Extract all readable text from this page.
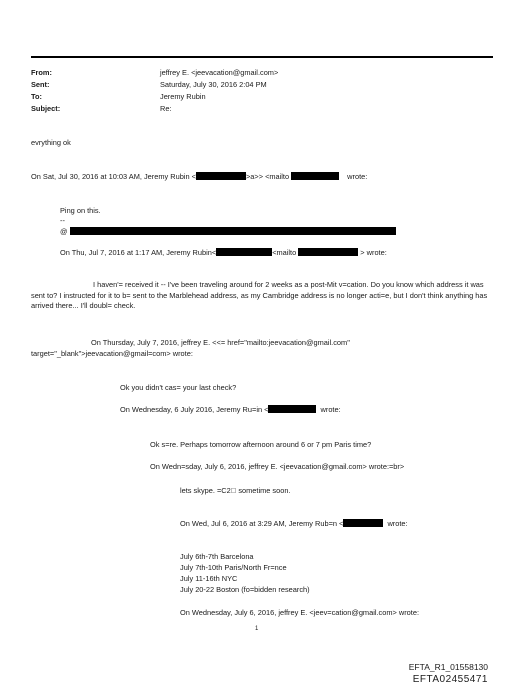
From:	jeffrey E. <jeevacation@gmail.com>
Sent:	Saturday, July 30, 2016 2:04 PM
To:	Jeremy Rubin
Subject:	Re:
evrything ok
On Sat, Jul 30, 2016 at 10:03 AM, Jeremy Rubin <	>a>> <mailto	wrote:
Ping on this.
--
@
On Thu, Jul 7, 2016 at 1:17 AM, Jeremy Rubin<	<mailto	> wrote:
I haven'= received it -- I've been traveling around for 2 weeks as a post-Mit v=cation. Do you know which address it was sent to? I instructed for it to b= sent to the Marblehead address, as my Cambridge address is no longer acti=e, but I don't think anything has arrived there... I'll doubl= check.
On Thursday, July 7, 2016, jeffrey E. <<= href="mailto:jeevacation@gmail.com"
target="_blank">jeevacation@gmail=com> wrote:
Ok you didn't cas= your last check?
On Wednesday, 6 July 2016, Jeremy Ru=in <	wrote:
Ok s=re. Perhaps tomorrow afternoon around 6 or 7 pm Paris time?
On Wedn=sday, July 6, 2016, jeffrey E. <jeevacation@gmail.com> wrote:=br>
lets skype. =C2  sometime soon.
On Wed, Jul 6, 2016 at 3:29 AM, Jeremy Rub=n <	wrote:
July 6th-7th Barcelona
July 7th-10th Paris/North Fr=nce
July 11-16th NYC
July 20-22 Boston (fo=bidden research)
On Wednesday, July 6, 2016, jeffrey E. <jeev=cation@gmail.com> wrote:
1
EFTA_R1_01558130
EFTA02455471
